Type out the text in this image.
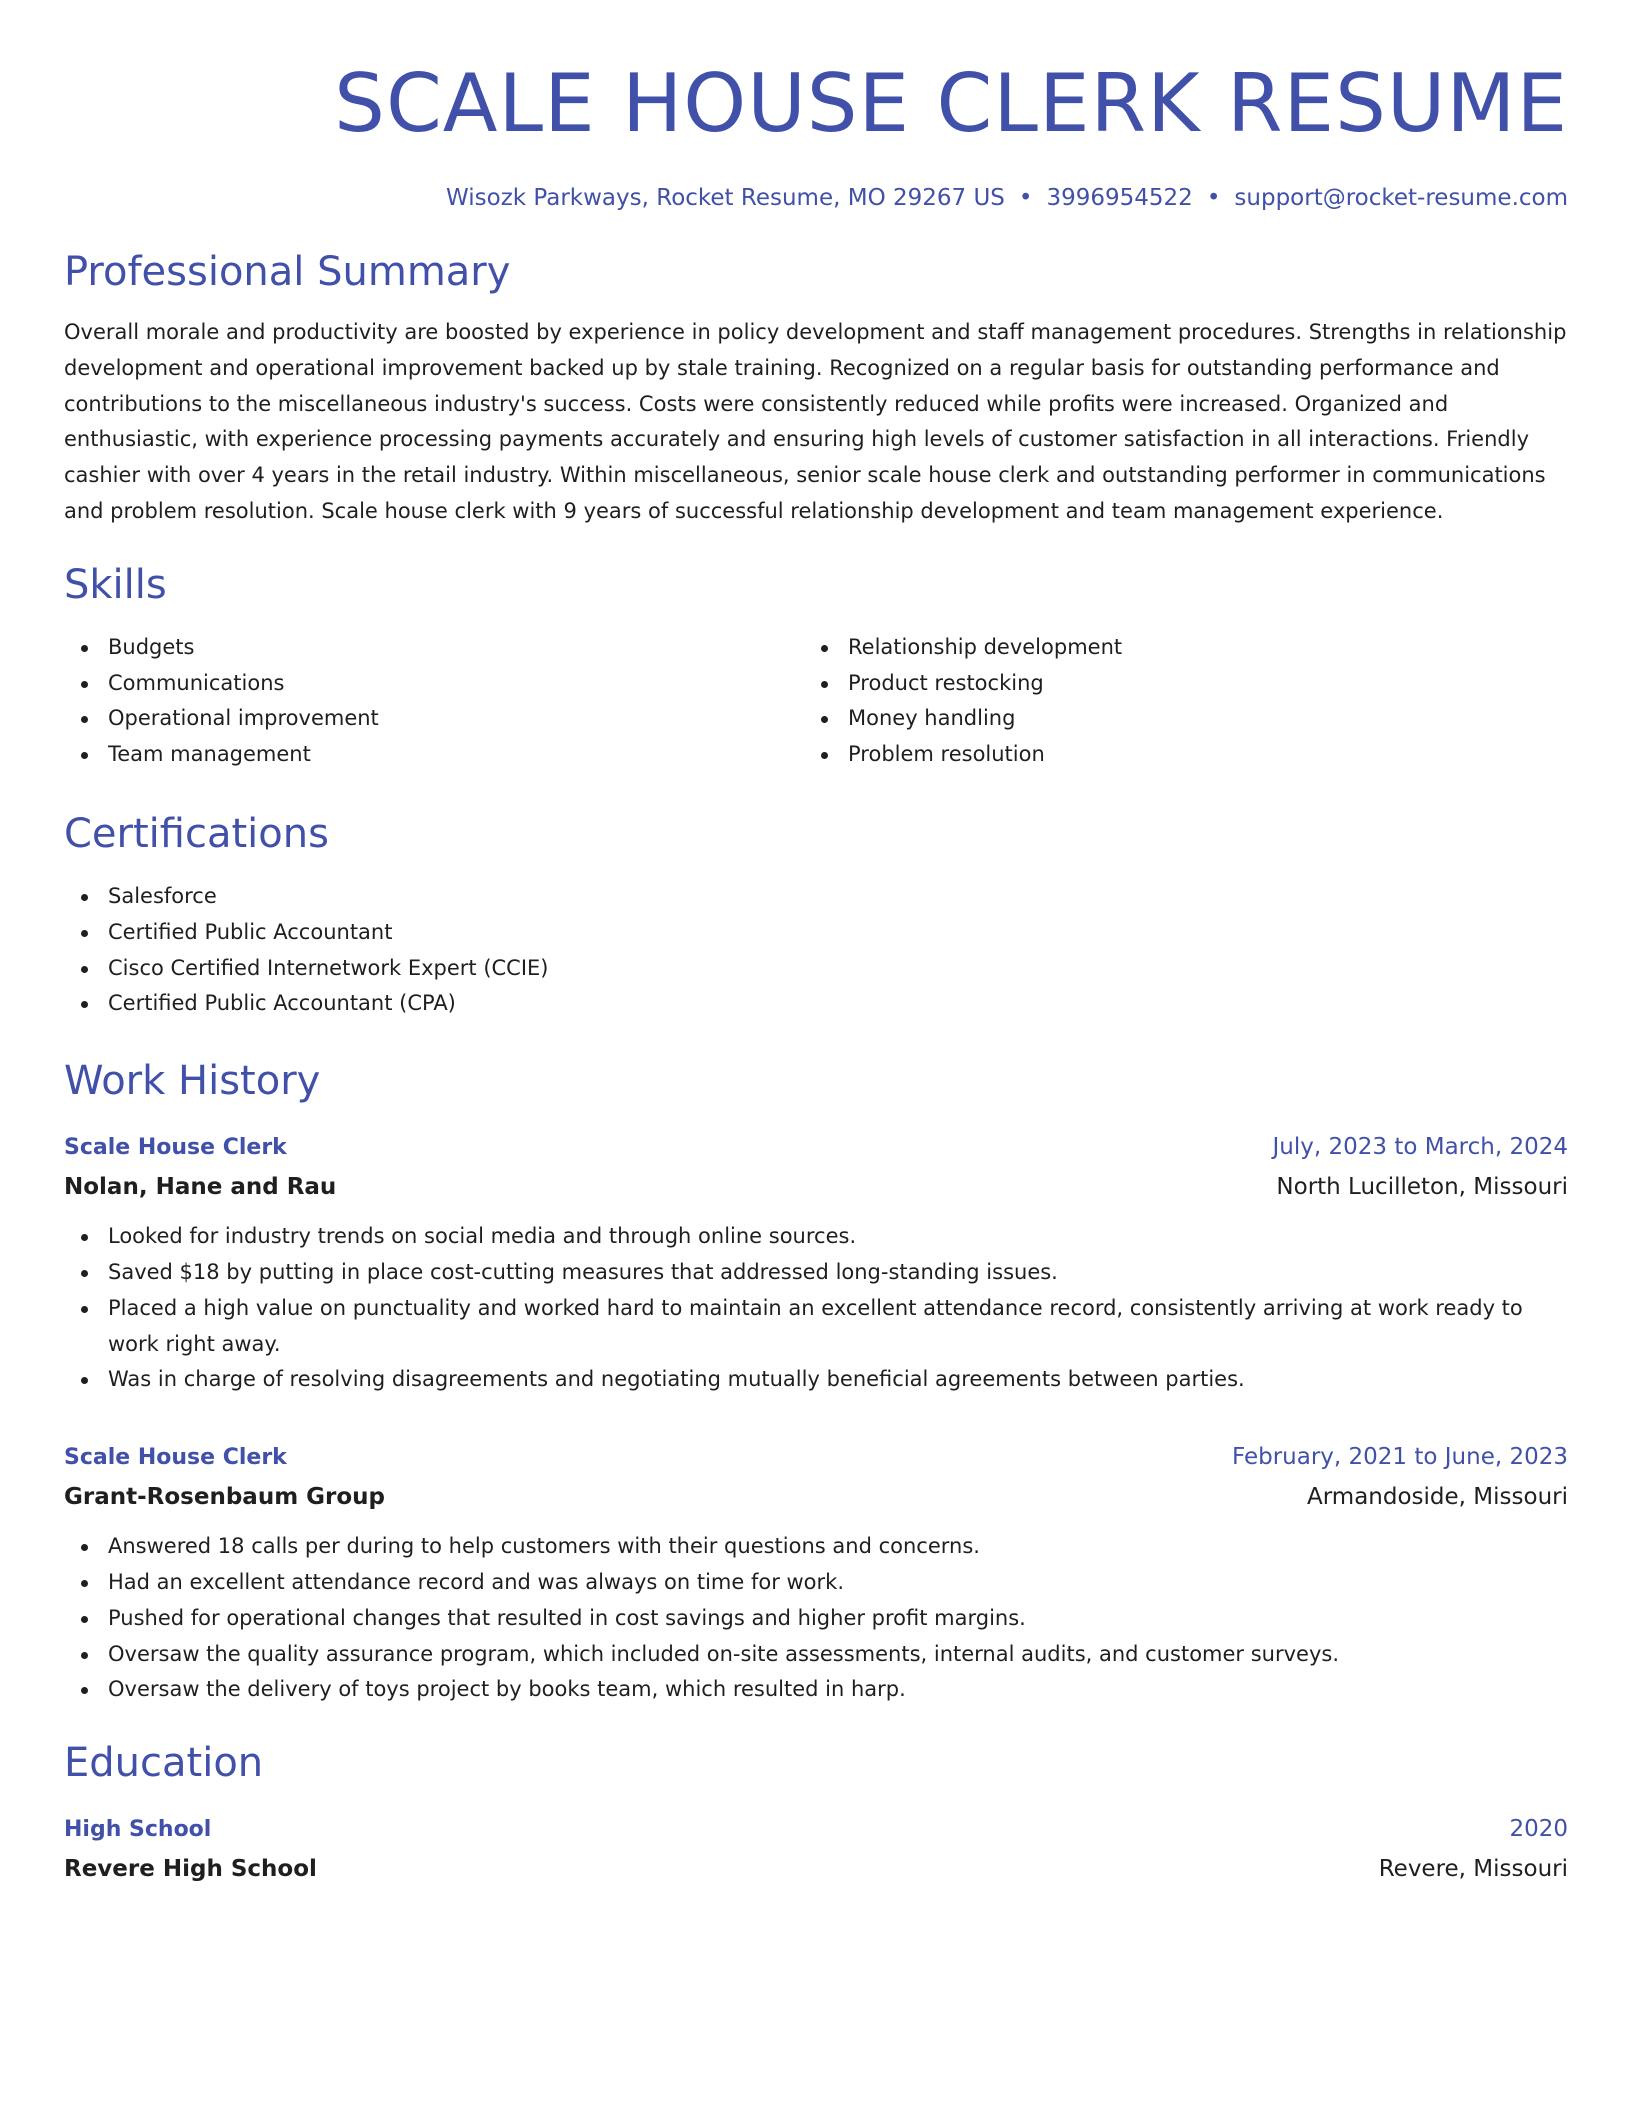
SCALE HOUSE CLERK RESUME
Wisozk Parkways, Rocket Resume, MO 29267 US • 3996954522 • support@rocket-resume.com
Professional Summary

Overall morale and productivity are boosted by experience in policy development and staff management procedures. Strengths in relationship development and operational improvement backed up by stale training. Recognized on a regular basis for outstanding performance and contributions to the miscellaneous industry's success. Costs were consistently reduced while profits were increased. Organized and enthusiastic, with experience processing payments accurately and ensuring high levels of customer satisfaction in all interactions. Friendly cashier with over 4 years in the retail industry. Within miscellaneous, senior scale house clerk and outstanding performer in communications and problem resolution. Scale house clerk with 9 years of successful relationship development and team management experience.

Skills
Budgets
Communications
Operational improvement
Team management
Relationship development
Product restocking
Money handling
Problem resolution
Certifications
Salesforce
Certified Public Accountant
Cisco Certified Internetwork Expert (CCIE)
Certified Public Accountant (CPA)
Work History
Scale House Clerk	July, 2023 to March, 2024
Nolan, Hane and Rau	North Lucilleton, Missouri
Looked for industry trends on social media and through online sources.
Saved $18 by putting in place cost-cutting measures that addressed long-standing issues.
Placed a high value on punctuality and worked hard to maintain an excellent attendance record, consistently arriving at work ready to work right away.
Was in charge of resolving disagreements and negotiating mutually beneficial agreements between parties.
Scale House Clerk	February, 2021 to June, 2023
Grant-Rosenbaum Group	Armandoside, Missouri
Answered 18 calls per during to help customers with their questions and concerns.
Had an excellent attendance record and was always on time for work.
Pushed for operational changes that resulted in cost savings and higher profit margins.
Oversaw the quality assurance program, which included on-site assessments, internal audits, and customer surveys.
Oversaw the delivery of toys project by books team, which resulted in harp.
Education
High School	2020
Revere High School	Revere, Missouri
